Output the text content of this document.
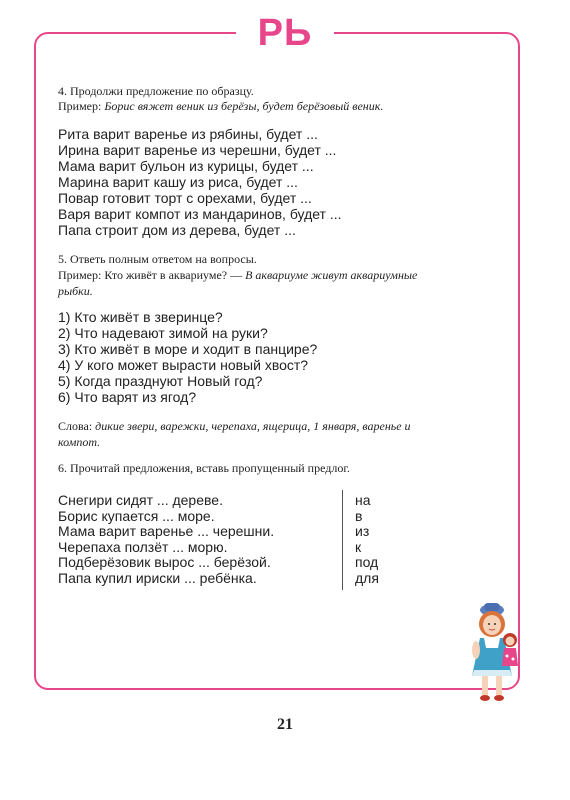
РЬ
4. Продолжи предложение по образцу.
Пример: Борис вяжет веник из берёзы, будет берёзовый веник.
Рита варит варенье из рябины, будет ...
Ирина варит варенье из черешни, будет ...
Мама варит бульон из курицы, будет ...
Марина варит кашу из риса, будет ...
Повар готовит торт с орехами, будет ...
Варя варит компот из мандаринов, будет ...
Папа строит дом из дерева, будет ...
5. Ответь полным ответом на вопросы.
Пример: Кто живёт в аквариуме? — В аквариуме живут аквариумные рыбки.
1) Кто живёт в зверинце?
2) Что надевают зимой на руки?
3) Кто живёт в море и ходит в панцире?
4) У кого может вырасти новый хвост?
5) Когда празднуют Новый год?
6) Что варят из ягод?
Слова: дикие звери, варежки, черепаха, ящерица, 1 января, варенье и компот.
6. Прочитай предложения, вставь пропущенный предлог.
Снегири сидят ... дереве.
Борис купается ... море.
Мама варит варенье ... черешни.
Черепаха ползёт ... морю.
Подберёзовик вырос ... берёзой.
Папа купил ириски ... ребёнка.
на
в
из
к
под
для
21
